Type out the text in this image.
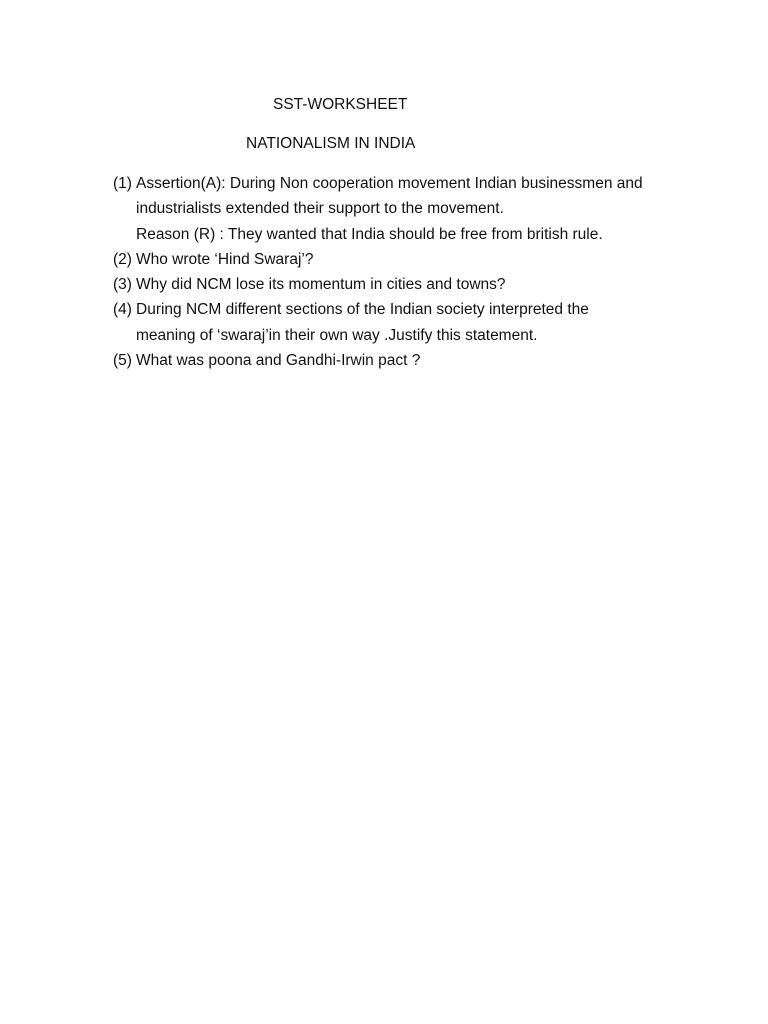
SST-WORKSHEET
NATIONALISM IN INDIA
(1) Assertion(A): During Non cooperation movement Indian businessmen and
industrialists extended their support to the movement.
Reason (R) : They wanted that India should be free from british rule.
(2) Who wrote ‘Hind Swaraj’?
(3) Why did NCM lose its momentum in cities and towns?
(4) During NCM different sections of the Indian society interpreted the
meaning of ‘swaraj’in their own way .Justify this statement.
(5) What was poona and Gandhi-Irwin pact ?
